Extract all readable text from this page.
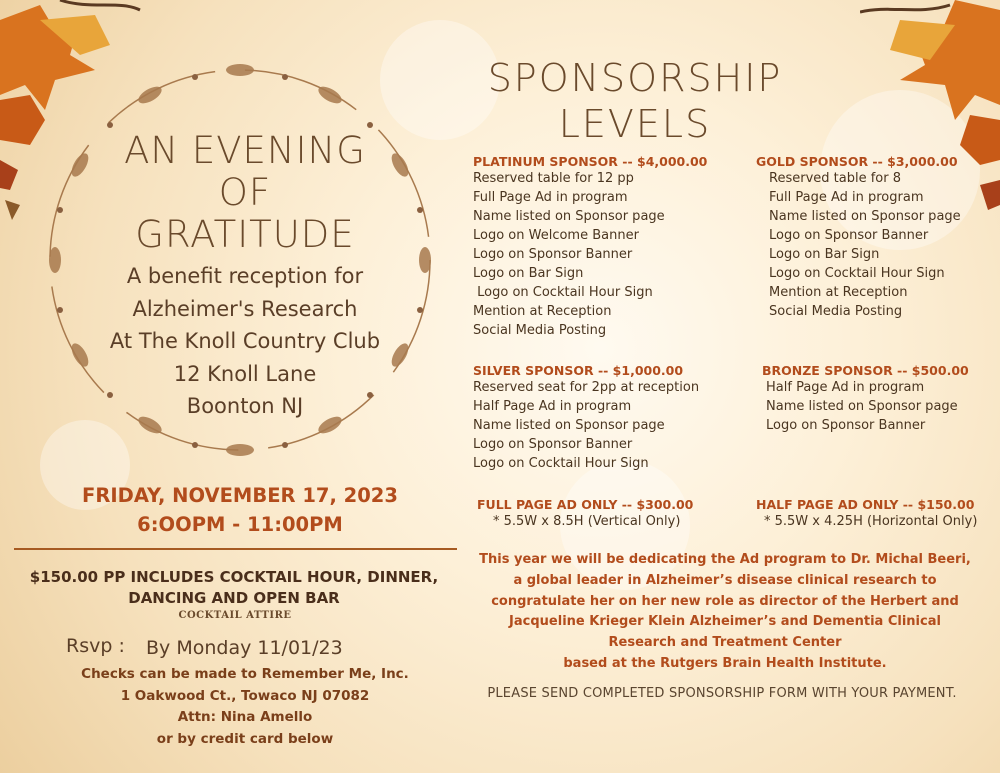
AN EVENING
OF
GRATITUDE
A benefit reception for
Alzheimer's Research
At The Knoll Country Club
12 Knoll Lane
Boonton NJ
FRIDAY, NOVEMBER 17, 2023
6:OOPM - 11:00PM
$150.00 PP INCLUDES COCKTAIL HOUR, DINNER,
DANCING AND OPEN BAR
COCKTAIL ATTIRE
Rsvp : By Monday 11/01/23
Checks can be made to Remember Me, Inc.
1 Oakwood Ct., Towaco NJ 07082
Attn: Nina Amello
or by credit card below
SPONSORSHIP
LEVELS
PLATINUM SPONSOR -- $4,000.00
Reserved table for 12 pp
Full Page Ad in program
Name listed on Sponsor page
Logo on Welcome Banner
Logo on Sponsor Banner
Logo on Bar Sign
Logo on Cocktail Hour Sign
Mention at Reception
Social Media Posting
GOLD SPONSOR -- $3,000.00
Reserved table for 8
Full Page Ad in program
Name listed on Sponsor page
Logo on Sponsor Banner
Logo on Bar Sign
Logo on Cocktail Hour Sign
Mention at Reception
Social Media Posting
SILVER SPONSOR -- $1,000.00
Reserved seat for 2pp at reception
Half Page Ad in program
Name listed on Sponsor page
Logo on Sponsor Banner
Logo on Cocktail Hour Sign
BRONZE SPONSOR -- $500.00
Half Page Ad in program
Name listed on Sponsor page
Logo on Sponsor Banner
FULL PAGE AD ONLY -- $300.00
* 5.5W x 8.5H (Vertical Only)
HALF PAGE AD ONLY -- $150.00
* 5.5W x 4.25H (Horizontal Only)
This year we will be dedicating the Ad program to Dr. Michal Beeri,
a global leader in Alzheimer’s disease clinical research to
congratulate her on her new role as director of the Herbert and
Jacqueline Krieger Klein Alzheimer’s and Dementia Clinical
Research and Treatment Center
based at the Rutgers Brain Health Institute.
PLEASE SEND COMPLETED SPONSORSHIP FORM WITH YOUR PAYMENT.
